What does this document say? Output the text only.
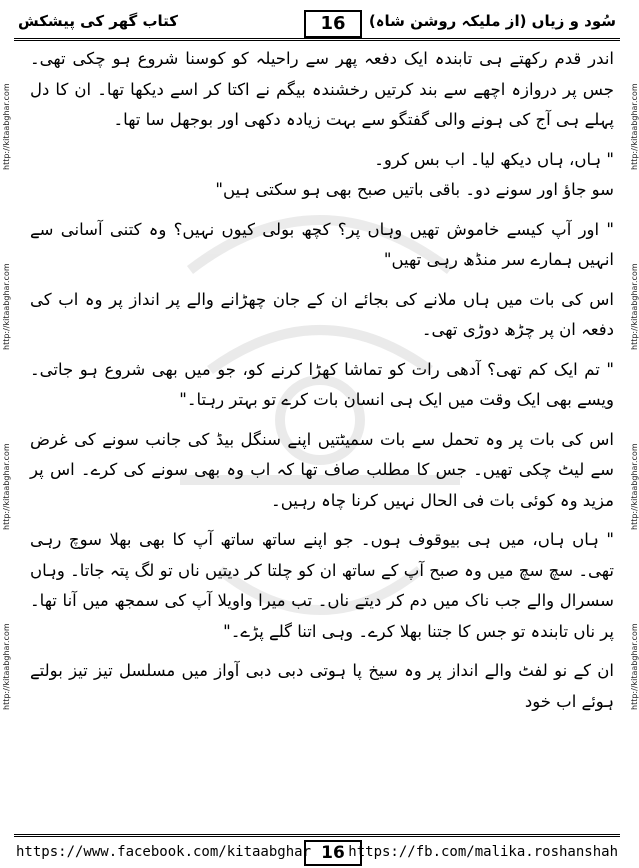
کتاب گھر کی پیشکش	16	سُود و زیاں (از ملیکہ روشن شاہ)
http://kitaabghar.com
http://kitaabghar.com
http://kitaabghar.com
http://kitaabghar.com
http://kitaabghar.com
http://kitaabghar.com
http://kitaabghar.com
http://kitaabghar.com

اندر قدم رکھتے ہی تابندہ ایک دفعہ پھر سے راحیلہ کو کوسنا شروع ہو چکی تھی۔ جس پر دروازہ اچھے سے بند کرتیں رخشندہ بیگم نے اکتا کر اسے دیکھا تھا۔ ان کا دل پہلے ہی آج کی ہونے والی گفتگو سے بہت زیادہ دکھی اور بوجھل سا تھا۔

" ہاں، ہاں دیکھ لیا۔ اب بس کرو۔

سو جاؤ اور سونے دو۔ باقی باتیں صبح بھی ہو سکتی ہیں"

" اور آپ کیسے خاموش تھیں وہاں پر؟ کچھ بولی کیوں نہیں؟ وہ کتنی آسانی سے انہیں ہمارے سر منڈھ رہی تھیں"

اس کی بات میں ہاں ملانے کی بجائے ان کے جان چھڑانے والے پر انداز پر وہ اب کی دفعہ ان پر چڑھ دوڑی تھی۔

" تم ایک کم تھی؟ آدھی رات کو تماشا کھڑا کرنے کو، جو میں بھی شروع ہو جاتی۔ ویسے بھی ایک وقت میں ایک ہی انسان بات کرے تو بہتر رہتا۔"

اس کی بات پر وہ تحمل سے بات سمیٹتیں اپنے سنگل بیڈ کی جانب سونے کی غرض سے لیٹ چکی تھیں۔ جس کا مطلب صاف تھا کہ اب وہ بھی سونے کی کرے۔ اس پر مزید وہ کوئی بات فی الحال نہیں کرنا چاہ رہیں۔

" ہاں ہاں، میں ہی بیوقوف ہوں۔ جو اپنے ساتھ ساتھ آپ کا بھی بھلا سوچ رہی تھی۔ سچ سچ میں وہ صبح آپ کے ساتھ ان کو چلتا کر دیتیں ناں تو لگ پتہ جاتا۔ وہاں سسرال والے جب ناک میں دم کر دیتے ناں۔ تب میرا واویلا آپ کی سمجھ میں آنا تھا۔ پر ناں تابندہ تو جس کا جتنا بھلا کرے۔ وہی اتنا گلے پڑے۔"

ان کے نو لفٹ والے انداز پر وہ سیخ پا ہوتی دبی دبی آواز میں مسلسل تیز تیز بولتے ہوئے اب خود

https://www.facebook.com/kitaabghar 16 https://fb.com/malika.roshanshah
